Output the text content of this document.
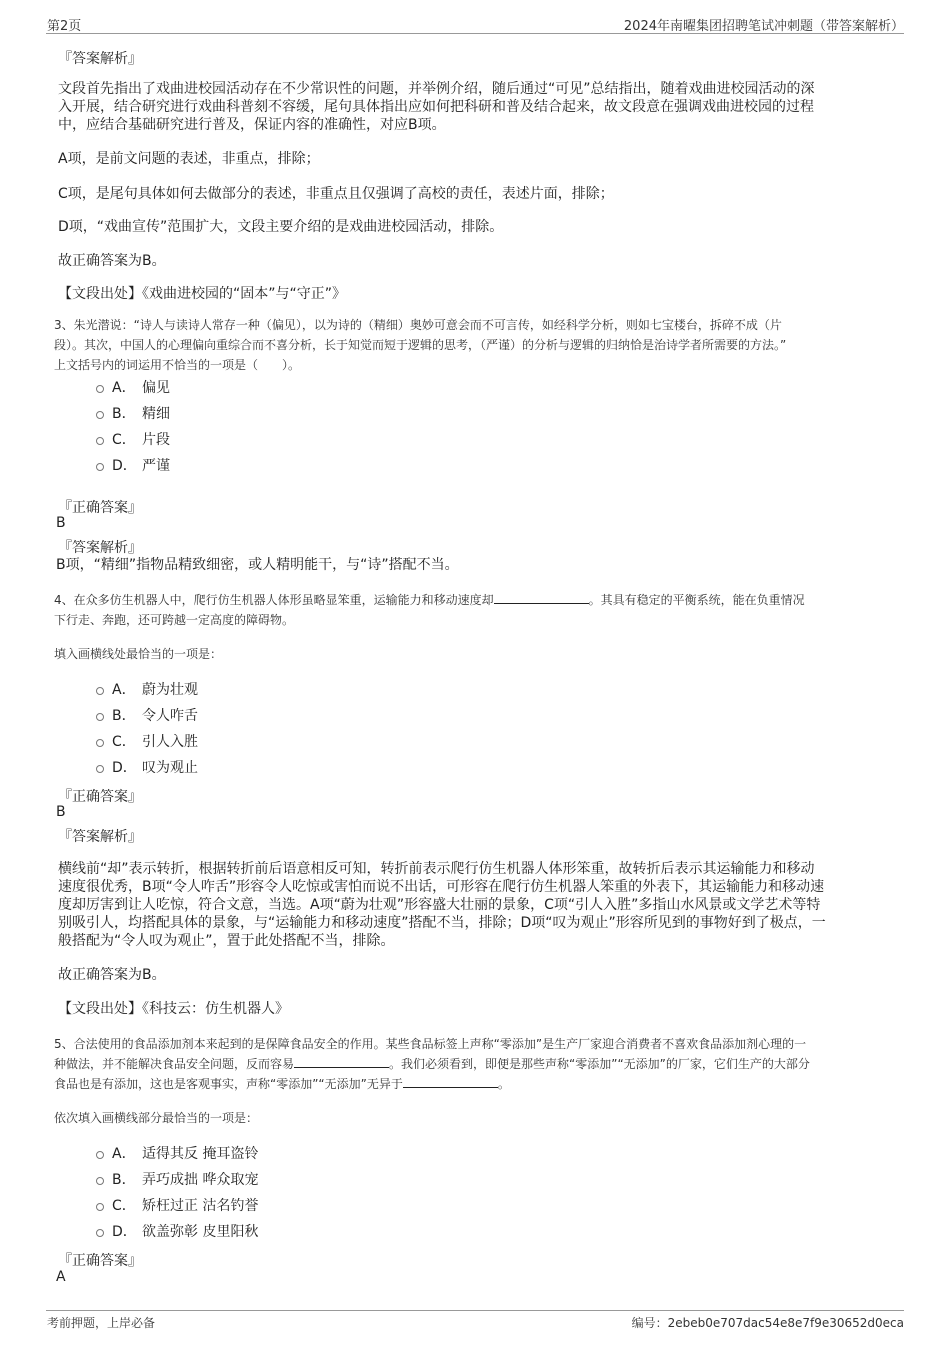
第2页	2024年南曜集团招聘笔试冲刺题（带答案解析）
『答案解析』
文段首先指出了戏曲进校园活动存在不少常识性的问题，并举例介绍，随后通过“可见”总结指出，随着戏曲进校园活动的深
入开展，结合研究进行戏曲科普刻不容缓，尾句具体指出应如何把科研和普及结合起来，故文段意在强调戏曲进校园的过程
中，应结合基础研究进行普及，保证内容的准确性，对应B项。
A项，是前文问题的表述，非重点，排除；
C项，是尾句具体如何去做部分的表述，非重点且仅强调了高校的责任，表述片面，排除；
D项，“戏曲宣传”范围扩大，文段主要介绍的是戏曲进校园活动，排除。
故正确答案为B。
【文段出处】《戏曲进校园的“固本”与“守正”》
3、朱光潜说：“诗人与读诗人常存一种（偏见），以为诗的（精细）奥妙可意会而不可言传，如经科学分析，则如七宝楼台，拆碎不成（片
段）。其次，中国人的心理偏向重综合而不喜分析，长于知觉而短于逻辑的思考，（严谨）的分析与逻辑的归纳恰是治诗学者所需要的方法。”
上文括号内的词运用不恰当的一项是（　　）。
A． 偏见
B． 精细
C． 片段
D． 严谨
『正确答案』
B
『答案解析』
B项，“精细”指物品精致细密，或人精明能干，与“诗”搭配不当。
4、在众多仿生机器人中，爬行仿生机器人体形虽略显笨重，运输能力和移动速度却	。其具有稳定的平衡系统，能在负重情况
下行走、奔跑，还可跨越一定高度的障碍物。
填入画横线处最恰当的一项是：
A． 蔚为壮观
B． 令人咋舌
C． 引人入胜
D． 叹为观止
『正确答案』
B
『答案解析』
横线前“却”表示转折，根据转折前后语意相反可知，转折前表示爬行仿生机器人体形笨重，故转折后表示其运输能力和移动
速度很优秀，B项“令人咋舌”形容令人吃惊或害怕而说不出话，可形容在爬行仿生机器人笨重的外表下，其运输能力和移动速
度却厉害到让人吃惊，符合文意，当选。A项“蔚为壮观”形容盛大壮丽的景象，C项“引人入胜”多指山水风景或文学艺术等特
别吸引人，均搭配具体的景象，与“运输能力和移动速度”搭配不当，排除；D项“叹为观止”形容所见到的事物好到了极点，一
般搭配为“令人叹为观止”，置于此处搭配不当，排除。
故正确答案为B。
【文段出处】《科技云：仿生机器人》
5、合法使用的食品添加剂本来起到的是保障食品安全的作用。某些食品标签上声称“零添加”是生产厂家迎合消费者不喜欢食品添加剂心理的一
种做法，并不能解决食品安全问题，反而容易	。我们必须看到，即便是那些声称“零添加”“无添加”的厂家，它们生产的大部分
食品也是有添加，这也是客观事实，声称“零添加”“无添加”无异于	。
依次填入画横线部分最恰当的一项是：
A． 适得其反 掩耳盗铃
B． 弄巧成拙 哗众取宠
C． 矫枉过正 沽名钓誉
D． 欲盖弥彰 皮里阳秋
『正确答案』
A
考前押题，上岸必备	编号：2ebeb0e707dac54e8e7f9e30652d0eca
